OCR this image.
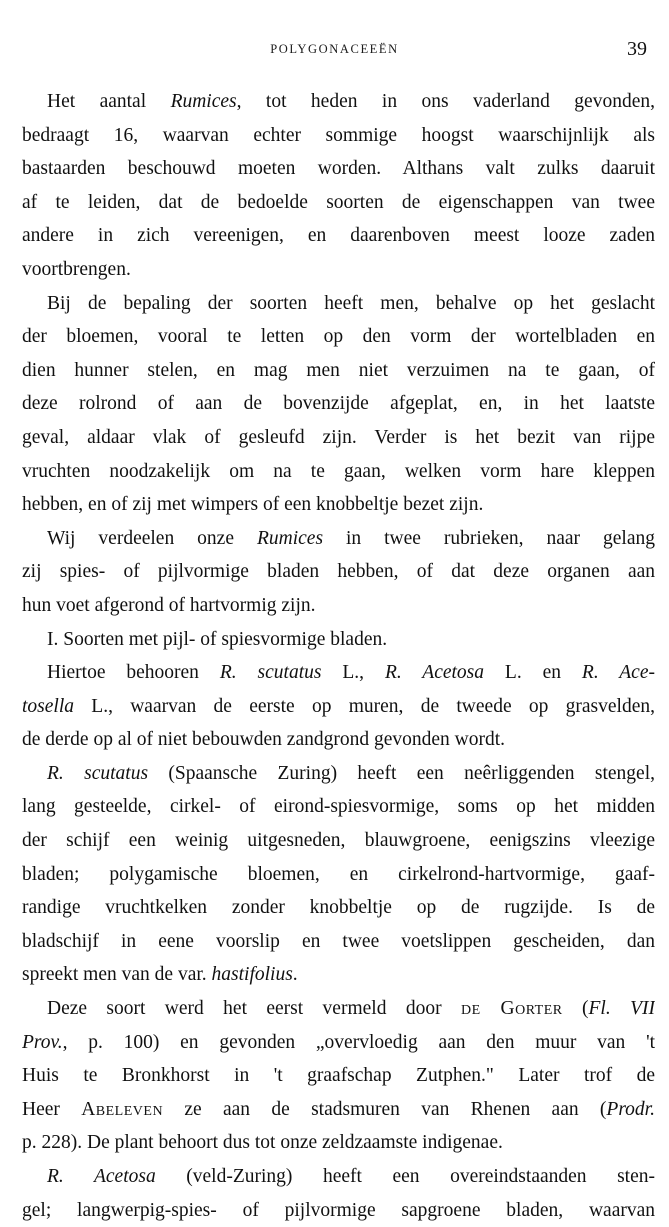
POLYGONACEEËN	39
Het aantal Rumices, tot heden in ons vaderland gevonden,
bedraagt 16, waarvan echter sommige hoogst waarschijnlijk als
bastaarden beschouwd moeten worden. Althans valt zulks daaruit
af te leiden, dat de bedoelde soorten de eigenschappen van twee
andere in zich vereenigen, en daarenboven meest looze zaden
voortbrengen.
Bij de bepaling der soorten heeft men, behalve op het geslacht
der bloemen, vooral te letten op den vorm der wortelbladen en
dien hunner stelen, en mag men niet verzuimen na te gaan, of
deze rolrond of aan de bovenzijde afgeplat, en, in het laatste
geval, aldaar vlak of gesleufd zijn. Verder is het bezit van rijpe
vruchten noodzakelijk om na te gaan, welken vorm hare kleppen
hebben, en of zij met wimpers of een knobbeltje bezet zijn.
Wij verdeelen onze Rumices in twee rubrieken, naar gelang
zij spies- of pijlvormige bladen hebben, of dat deze organen aan
hun voet afgerond of hartvormig zijn.
I. Soorten met pijl- of spiesvormige bladen.
Hiertoe behooren R. scutatus L., R. Acetosa L. en R. Ace-
tosella L., waarvan de eerste op muren, de tweede op grasvelden,
de derde op al of niet bebouwden zandgrond gevonden wordt.
R. scutatus (Spaansche Zuring) heeft een neêrliggenden stengel,
lang gesteelde, cirkel- of eirond-spiesvormige, soms op het midden
der schijf een weinig uitgesneden, blauwgroene, eenigszins vleezige
bladen; polygamische bloemen, en cirkelrond-hartvormige, gaaf-
randige vruchtkelken zonder knobbeltje op de rugzijde. Is de
bladschijf in eene voorslip en twee voetslippen gescheiden, dan
spreekt men van de var. hastifolius.
Deze soort werd het eerst vermeld door de Gorter (Fl. VII
Prov., p. 100) en gevonden „overvloedig aan den muur van 't
Huis te Bronkhorst in 't graafschap Zutphen." Later trof de
Heer Abeleven ze aan de stadsmuren van Rhenen aan (Prodr.
p. 228). De plant behoort dus tot onze zeldzaamste indigenae.
R. Acetosa (veld-Zuring) heeft een overeindstaanden sten-
gel; langwerpig-spies- of pijlvormige sapgroene bladen, waarvan
